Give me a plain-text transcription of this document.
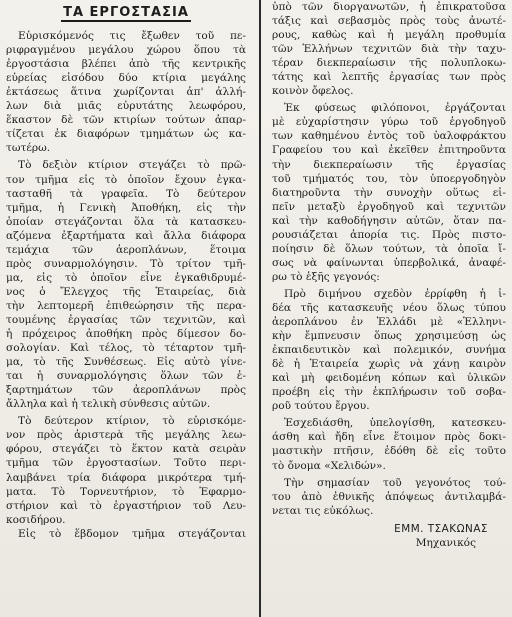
ΤΑ ΕΡΓΟΣΤΑΣΙΑ
Εὑρισκόμενός τις ἔξωθεν τοῦ πε-
ριφραγμένου μεγάλου χώρου ὅπου τὰ
ἐργοστάσια βλέπει ἀπὸ τῆς κεντρικῆς
εὐρείας εἰσόδου δύο κτίρια μεγάλης
ἐκτάσεως ἅτινα χωρίζονται ἀπ' ἀλλή-
λων διὰ μιᾶς εὐρυτάτης λεωφόρου,
ἕκαστον δὲ τῶν κτιρίων τούτων ἀπαρ-
τίζεται ἐκ διαφόρων τμημάτων ὡς κα-
τωτέρω.
Τὸ δεξιὸν κτίριον στεγάζει τὸ πρῶ-
τον τμῆμα εἰς τὸ ὁποῖον ἔχουν ἐγκα-
τασταθῆ τὰ γραφεῖα. Τὸ δεύτερον
τμῆμα, ἡ Γενικὴ Ἀποθήκη, εἰς τὴν
ὁποίαν στεγάζονται ὅλα τὰ κατασκευ-
αζόμενα ἐξαρτήματα καὶ ἄλλα διάφορα
τεμάχια τῶν ἀεροπλάνων, ἕτοιμα
πρὸς συναρμολόγησιν. Τὸ τρίτον τμῆ-
μα, εἰς τὸ ὁποῖον εἶνε ἐγκαθιδρυμέ-
νος ὁ Ἔλεγχος τῆς Ἑταιρείας, διὰ
τὴν λεπτομερῆ ἐπιθεώρησιν τῆς περα-
τουμένης ἐργασίας τῶν τεχνιτῶν, καὶ
ἡ πρόχειρος ἀποθήκη πρὸς δίμεσον δο-
σολογίαν. Καὶ τέλος, τὸ τέταρτον τμῆ-
μα, τὸ τῆς Συνθέσεως. Εἰς αὐτὸ γίνε-
ται ἡ συναρμολόγησις ὅλων τῶν ἐ-
ξαρτημάτων τῶν ἀεροπλάνων πρὸς
ἄλληλα καὶ ἡ τελικὴ σύνθεσις αὐτῶν.
Τὸ δεύτερον κτίριον, τὸ εὑρισκόμε-
νον πρὸς ἀριστερὰ τῆς μεγάλης λεω-
φόρου, στεγάζει τὸ ἕκτον κατὰ σειρὰν
τμῆμα τῶν ἐργοστασίων. Τοῦτο περι-
λαμβάνει τρία διάφορα μικρότερα τμή-
ματα. Τὸ Τορνευτήριον, τὸ Ἐφαρμο-
στήριον καὶ τὸ ἐργαστήριον τοῦ Λευ-
κοσιδήρου.
Εἰς τὸ ἕβδομον τμῆμα στεγάζονται
ὑπὸ τῶν διοργανωτῶν, ἡ ἐπικρατοῦσα
τάξις καὶ σεβασμὸς πρὸς τοὺς ἀνωτέ-
ρους, καθὼς καὶ ἡ μεγάλη προθυμία
τῶν Ἑλλήνων τεχνιτῶν διὰ τὴν ταχυ-
τέραν διεκπεραίωσιν τῆς πολυπλοκω-
τάτης καὶ λεπτῆς ἐργασίας των πρὸς
κοινὸν ὄφελος.
Ἐκ φύσεως φιλόπονοι, ἐργάζονται
μὲ εὐχαρίστησιν γύρω τοῦ ἐργοδηγοῦ
των καθημένου ἐντὸς τοῦ ὑαλοφράκτου
Γραφείου του καὶ ἐκεῖθεν ἐπιτηροῦντα
τὴν διεκπεραίωσιν τῆς ἐργασίας
τοῦ τμήματός του, τὸν ὑποεργοδηγὸν
διατηροῦντα τὴν συνοχὴν οὕτως εἰ-
πεῖν μεταξὺ ἐργοδηγοῦ καὶ τεχνιτῶν
καὶ τὴν καθοδήγησιν αὐτῶν, ὅταν πα-
ρουσιάζεται ἀπορία τις. Πρὸς πιστο-
ποίησιν δὲ ὅλων τούτων, τὰ ὁποῖα ἴ-
σως νὰ φαίνωνται ὑπερβολικά, ἀναφέ-
ρω τὸ ἑξῆς γεγονός:
Πρὸ διμήνου σχεδὸν ἐρρίφθη ἡ ἰ-
δέα τῆς κατασκευῆς νέου ὅλως τύπου
ἀεροπλάνου ἐν Ἑλλάδι μὲ «Ἑλληνι-
κὴν ἔμπνευσιν ὅπως χρησιμεύσῃ ὡς
ἐκπαιδευτικὸν καὶ πολεμικόν, συνήμα
δὲ ἡ Ἑταιρεία χωρὶς νὰ χάνῃ καιρὸν
καὶ μὴ φειδομένη κόπων καὶ ὑλικῶν
προέβη εἰς τὴν ἐκπλήρωσιν τοῦ σοβα-
ροῦ τούτου ἔργου.
Ἐσχεδιάσθη, ὑπελογίσθη, κατεσκευ-
άσθη καὶ ἤδη εἶνε ἕτοιμον πρὸς δοκι-
μαστικὴν πτῆσιν, ἐδόθη δὲ εἰς τοῦτο
τὸ ὄνομα «Χελιδών».
Τὴν σημασίαν τοῦ γεγονότος τού-
του ἀπὸ ἐθνικῆς ἀπόψεως ἀντιλαμβά-
νεται τις εὐκόλως.
ΕΜΜ. ΤΣΑΚΩΝΑΣ
Μηχανικός
